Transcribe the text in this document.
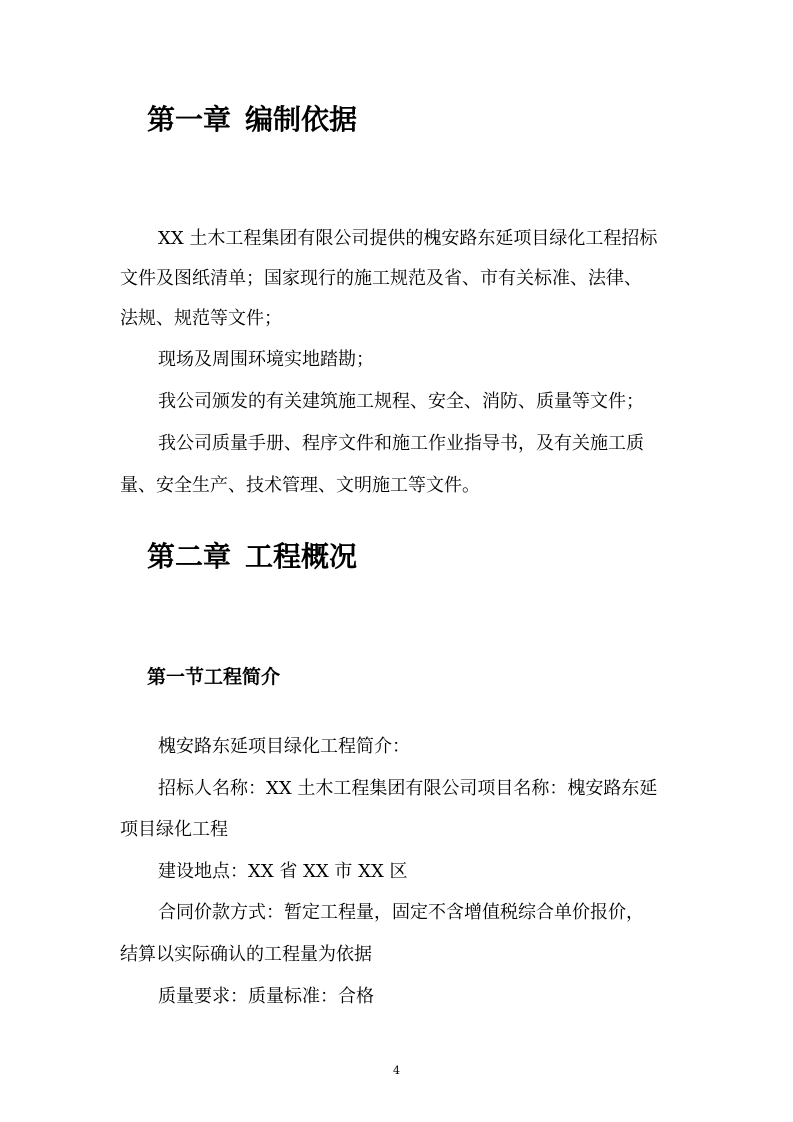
第一章 编制依据

XX 土木工程集团有限公司提供的槐安路东延项目绿化工程招标

文件及图纸清单；国家现行的施工规范及省、市有关标准、法律、

法规、规范等文件；

现场及周围环境实地踏勘；

我公司颁发的有关建筑施工规程、安全、消防、质量等文件；

我公司质量手册、程序文件和施工作业指导书，及有关施工质

量、安全生产、技术管理、文明施工等文件。

第二章 工程概况
第一节工程简介

槐安路东延项目绿化工程简介：

招标人名称：XX 土木工程集团有限公司项目名称：槐安路东延

项目绿化工程

建设地点：XX 省 XX 市 XX 区

合同价款方式：暂定工程量，固定不含增值税综合单价报价，

结算以实际确认的工程量为依据

质量要求：质量标准：合格

4
